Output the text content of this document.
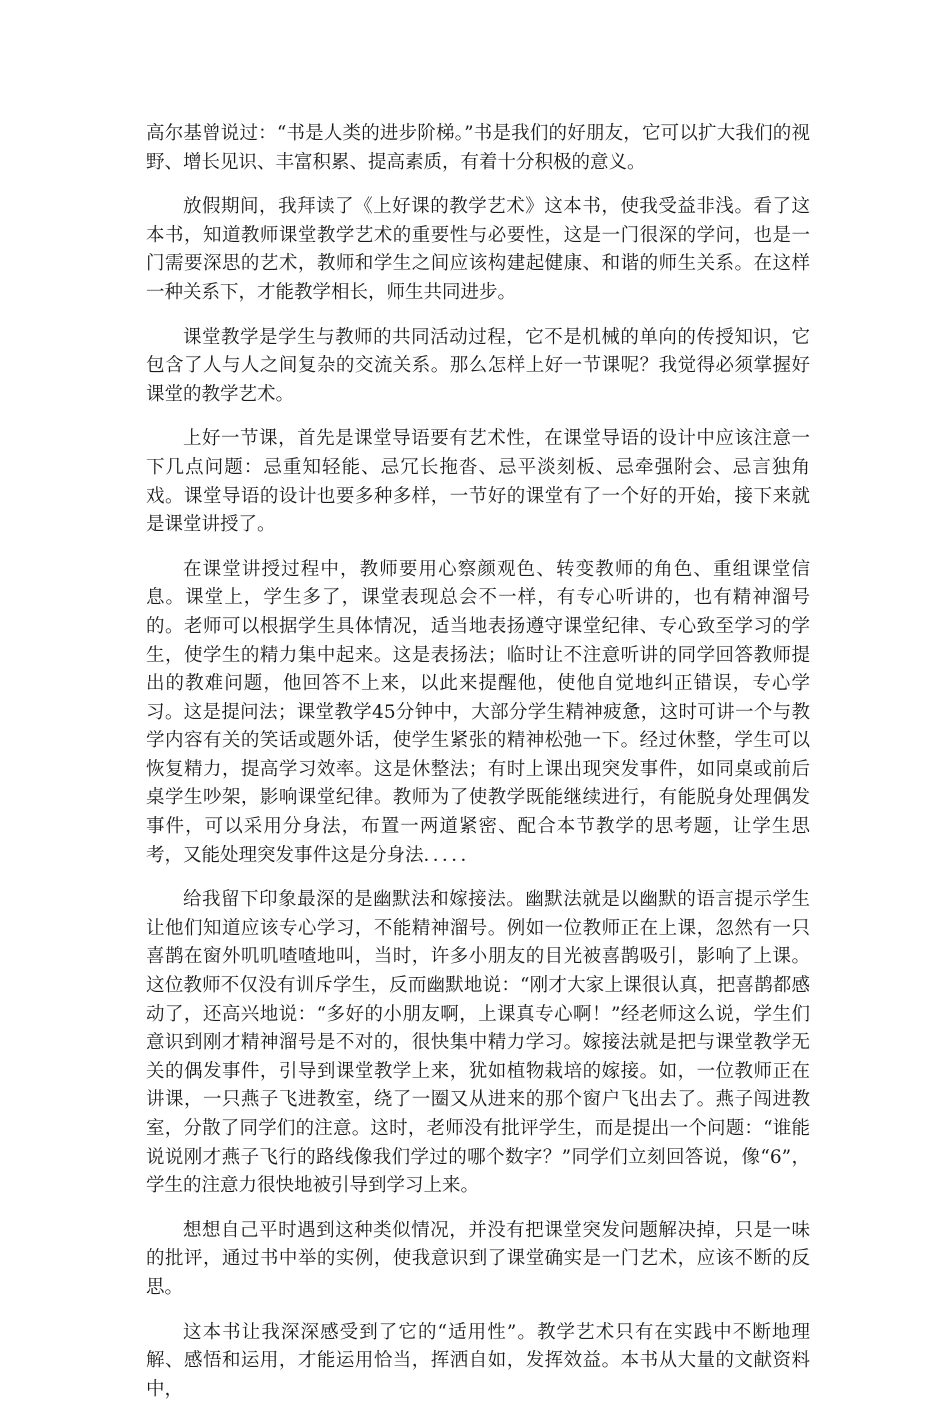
高尔基曾说过：“书是人类的进步阶梯。”书是我们的好朋友，它可以扩大我们的视野、增长见识、丰富积累、提高素质，有着十分积极的意义。

放假期间，我拜读了《上好课的教学艺术》这本书，使我受益非浅。看了这本书，知道教师课堂教学艺术的重要性与必要性，这是一门很深的学问，也是一门需要深思的艺术，教师和学生之间应该构建起健康、和谐的师生关系。在这样一种关系下，才能教学相长，师生共同进步。

课堂教学是学生与教师的共同活动过程，它不是机械的单向的传授知识，它包含了人与人之间复杂的交流关系。那么怎样上好一节课呢？我觉得必须掌握好课堂的教学艺术。

上好一节课，首先是课堂导语要有艺术性，在课堂导语的设计中应该注意一下几点问题：忌重知轻能、忌冗长拖沓、忌平淡刻板、忌牵强附会、忌言独角戏。课堂导语的设计也要多种多样，一节好的课堂有了一个好的开始，接下来就是课堂讲授了。

在课堂讲授过程中，教师要用心察颜观色、转变教师的角色、重组课堂信息。课堂上，学生多了，课堂表现总会不一样，有专心听讲的，也有精神溜号的。老师可以根据学生具体情况，适当地表扬遵守课堂纪律、专心致至学习的学生，使学生的精力集中起来。这是表扬法；临时让不注意听讲的同学回答教师提出的教难问题，他回答不上来，以此来提醒他，使他自觉地纠正错误，专心学习。这是提问法；课堂教学45分钟中，大部分学生精神疲惫，这时可讲一个与教学内容有关的笑话或题外话，使学生紧张的精神松弛一下。经过休整，学生可以恢复精力，提高学习效率。这是休整法；有时上课出现突发事件，如同桌或前后桌学生吵架，影响课堂纪律。教师为了使教学既能继续进行，有能脱身处理偶发事件，可以采用分身法，布置一两道紧密、配合本节教学的思考题，让学生思考，又能处理突发事件这是分身法．．．．．

给我留下印象最深的是幽默法和嫁接法。幽默法就是以幽默的语言提示学生让他们知道应该专心学习，不能精神溜号。例如一位教师正在上课，忽然有一只喜鹊在窗外叽叽喳喳地叫，当时，许多小朋友的目光被喜鹊吸引，影响了上课。这位教师不仅没有训斥学生，反而幽默地说：“刚才大家上课很认真，把喜鹊都感动了，还高兴地说：“多好的小朋友啊，上课真专心啊！”经老师这么说，学生们意识到刚才精神溜号是不对的，很快集中精力学习。嫁接法就是把与课堂教学无关的偶发事件，引导到课堂教学上来，犹如植物栽培的嫁接。如，一位教师正在讲课，一只燕子飞进教室，绕了一圈又从进来的那个窗户飞出去了。燕子闯进教室，分散了同学们的注意。这时，老师没有批评学生，而是提出一个问题：“谁能说说刚才燕子飞行的路线像我们学过的哪个数字？”同学们立刻回答说，像“6”，学生的注意力很快地被引导到学习上来。

想想自己平时遇到这种类似情况，并没有把课堂突发问题解决掉，只是一味的批评，通过书中举的实例，使我意识到了课堂确实是一门艺术，应该不断的反思。

这本书让我深深感受到了它的“适用性”。教学艺术只有在实践中不断地理解、感悟和运用，才能运用恰当，挥洒自如，发挥效益。本书从大量的文献资料中，
